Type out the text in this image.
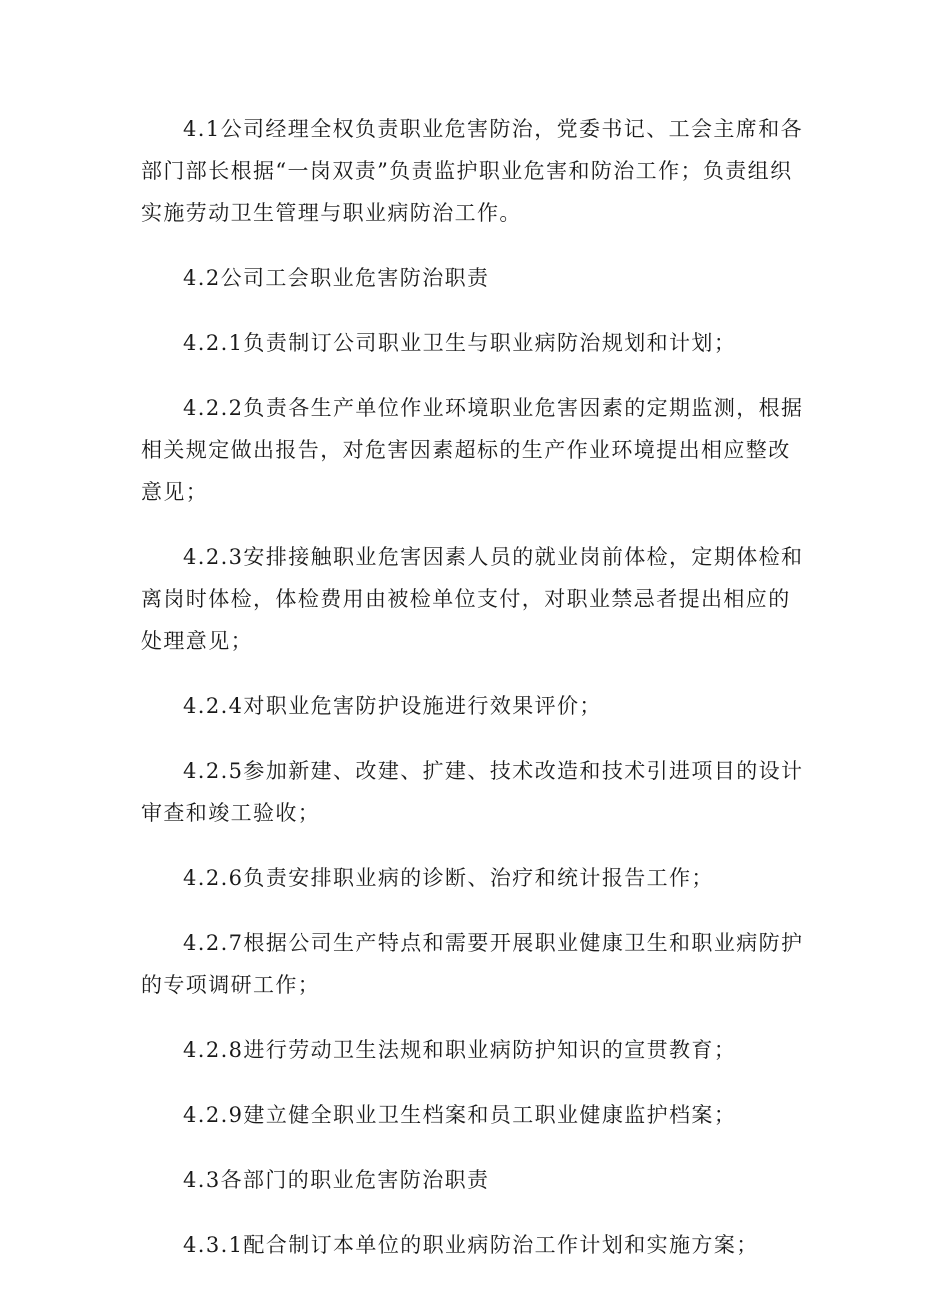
4.1公司经理全权负责职业危害防治，党委书记、工会主席和各部门部长根据“一岗双责”负责监护职业危害和防治工作；负责组织实施劳动卫生管理与职业病防治工作。

4.2公司工会职业危害防治职责

4.2.1负责制订公司职业卫生与职业病防治规划和计划；

4.2.2负责各生产单位作业环境职业危害因素的定期监测，根据相关规定做出报告，对危害因素超标的生产作业环境提出相应整改意见；

4.2.3安排接触职业危害因素人员的就业岗前体检，定期体检和离岗时体检，体检费用由被检单位支付，对职业禁忌者提出相应的处理意见；

4.2.4对职业危害防护设施进行效果评价；

4.2.5参加新建、改建、扩建、技术改造和技术引进项目的设计审查和竣工验收；

4.2.6负责安排职业病的诊断、治疗和统计报告工作；

4.2.7根据公司生产特点和需要开展职业健康卫生和职业病防护的专项调研工作；

4.2.8进行劳动卫生法规和职业病防护知识的宣贯教育；

4.2.9建立健全职业卫生档案和员工职业健康监护档案；

4.3各部门的职业危害防治职责

4.3.1配合制订本单位的职业病防治工作计划和实施方案；
